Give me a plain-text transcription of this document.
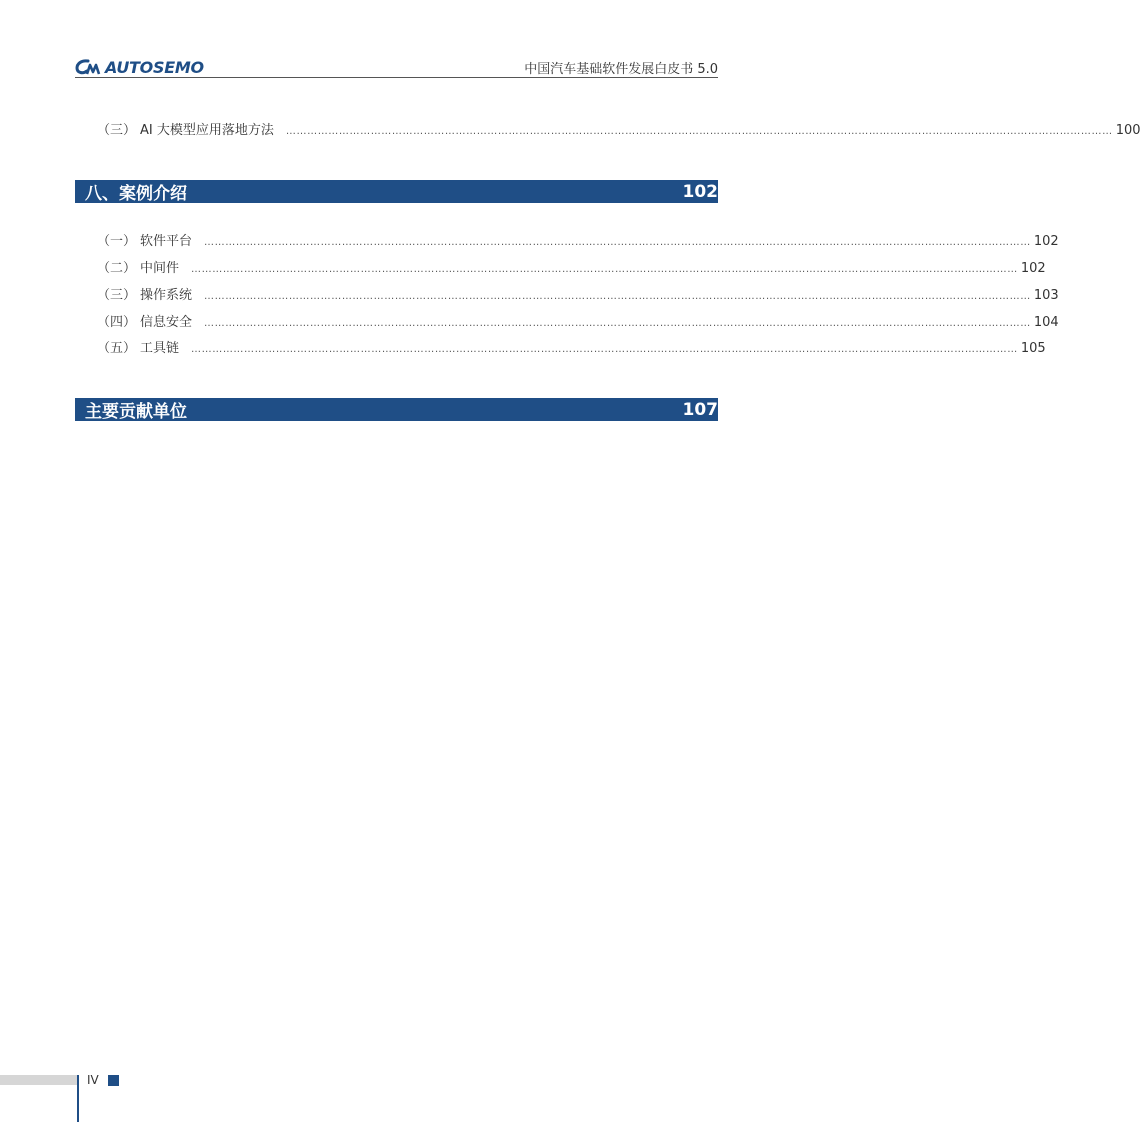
AUTOSEMO	中国汽车基础软件发展白皮书 5.0
（三） AI 大模型应用落地方法 ……………………………………………………………………………………………………………………………………………………………………………………………………………… 100
八、案例介绍	102
（一） 软件平台 ……………………………………………………………………………………………………………………………………………………………………………………………………………… 102
（二） 中间件 ……………………………………………………………………………………………………………………………………………………………………………………………………………… 102
（三） 操作系统 ……………………………………………………………………………………………………………………………………………………………………………………………………………… 103
（四） 信息安全 ……………………………………………………………………………………………………………………………………………………………………………………………………………… 104
（五） 工具链 ……………………………………………………………………………………………………………………………………………………………………………………………………………… 105
主要贡献单位	107
IV
